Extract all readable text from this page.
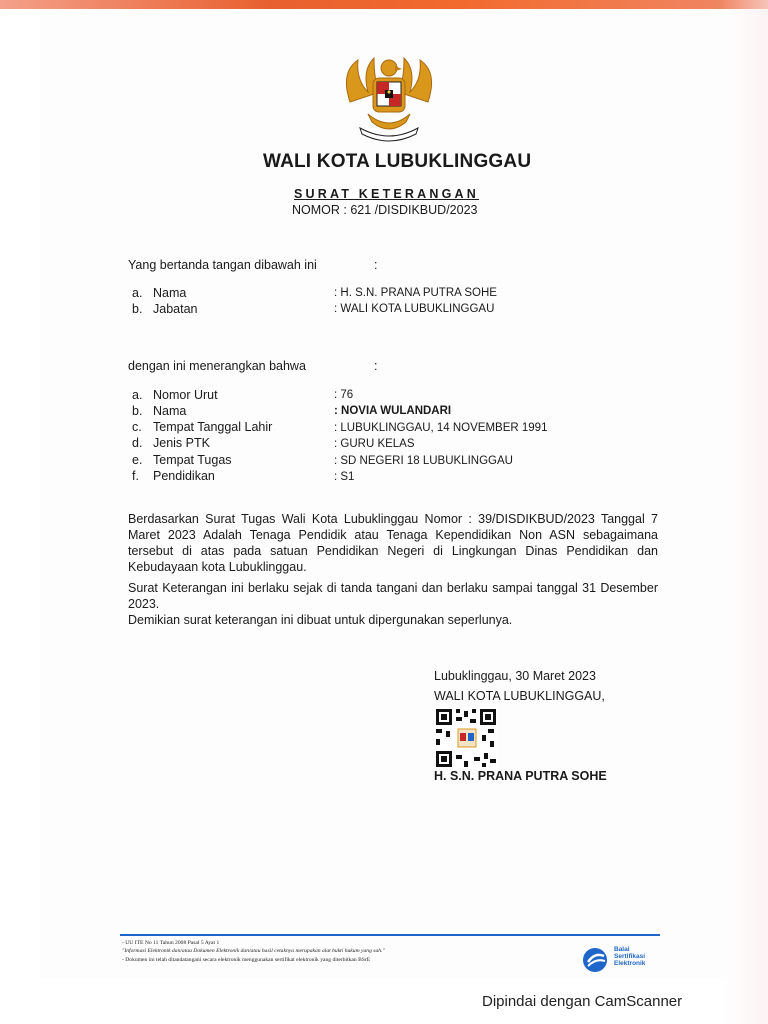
WALI KOTA LUBUKLINGGAU
SURAT KETERANGAN
NOMOR : 621 /DISDIKBUD/2023
Yang bertanda tangan dibawah ini	:
a. Nama	: H. S.N. PRANA PUTRA SOHE
b. Jabatan	: WALI KOTA LUBUKLINGGAU
dengan ini menerangkan bahwa	:
a. Nomor Urut	: 76
b. Nama	: NOVIA WULANDARI
c. Tempat Tanggal Lahir	: LUBUKLINGGAU, 14 NOVEMBER 1991
d. Jenis PTK	: GURU KELAS
e. Tempat Tugas	: SD NEGERI 18 LUBUKLINGGAU
f. Pendidikan	: S1
Berdasarkan Surat Tugas Wali Kota Lubuklinggau Nomor : 39/DISDIKBUD/2023 Tanggal 7 Maret 2023 Adalah Tenaga Pendidik atau Tenaga Kependidikan Non ASN sebagaimana tersebut di atas pada satuan Pendidikan Negeri di Lingkungan Dinas Pendidikan dan Kebudayaan kota Lubuklinggau.
Surat Keterangan ini berlaku sejak di tanda tangani dan berlaku sampai tanggal 31 Desember 2023.
Demikian surat keterangan ini dibuat untuk dipergunakan seperlunya.
Lubuklinggau, 30 Maret 2023
WALI KOTA LUBUKLINGGAU,
H. S.N. PRANA PUTRA SOHE
- UU ITE No 11 Tahun 2008 Pasal 5 Ayat 1
"Informasi Elektronik dan/atau Dokumen Elektronik dan/atau hasil cetaknya merupakan alat bukti hukum yang sah."
- Dokumen ini telah ditandatangani secara elektronik menggunakan sertifikat elektronik yang diterbitkan BSrE
Balai
Sertifikasi
Elektronik
Dipindai dengan CamScanner
